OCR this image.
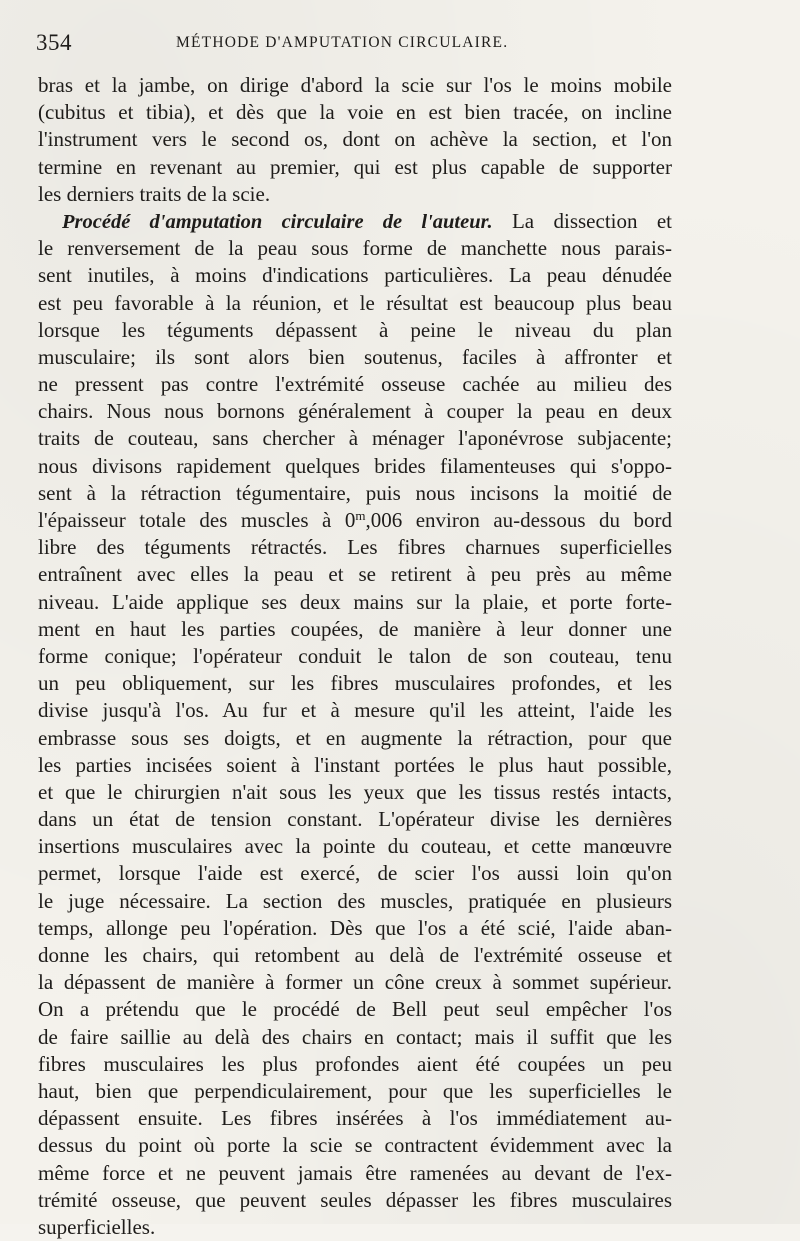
354	MÉTHODE D'AMPUTATION CIRCULAIRE.
bras et la jambe, on dirige d'abord la scie sur l'os le moins mobile
(cubitus et tibia), et dès que la voie en est bien tracée, on incline
l'instrument vers le second os, dont on achève la section, et l'on
termine en revenant au premier, qui est plus capable de supporter
les derniers traits de la scie.
Procédé d'amputation circulaire de l'auteur. La dissection et
le renversement de la peau sous forme de manchette nous parais-
sent inutiles, à moins d'indications particulières. La peau dénudée
est peu favorable à la réunion, et le résultat est beaucoup plus beau
lorsque les téguments dépassent à peine le niveau du plan
musculaire; ils sont alors bien soutenus, faciles à affronter et
ne pressent pas contre l'extrémité osseuse cachée au milieu des
chairs. Nous nous bornons généralement à couper la peau en deux
traits de couteau, sans chercher à ménager l'aponévrose subjacente;
nous divisons rapidement quelques brides filamenteuses qui s'oppo-
sent à la rétraction tégumentaire, puis nous incisons la moitié de
l'épaisseur totale des muscles à 0$^m$,006 environ au-dessous du bord
libre des téguments rétractés. Les fibres charnues superficielles
entraînent avec elles la peau et se retirent à peu près au même
niveau. L'aide applique ses deux mains sur la plaie, et porte forte-
ment en haut les parties coupées, de manière à leur donner une
forme conique; l'opérateur conduit le talon de son couteau, tenu
un peu obliquement, sur les fibres musculaires profondes, et les
divise jusqu'à l'os. Au fur et à mesure qu'il les atteint, l'aide les
embrasse sous ses doigts, et en augmente la rétraction, pour que
les parties incisées soient à l'instant portées le plus haut possible,
et que le chirurgien n'ait sous les yeux que les tissus restés intacts,
dans un état de tension constant. L'opérateur divise les dernières
insertions musculaires avec la pointe du couteau, et cette manœuvre
permet, lorsque l'aide est exercé, de scier l'os aussi loin qu'on
le juge nécessaire. La section des muscles, pratiquée en plusieurs
temps, allonge peu l'opération. Dès que l'os a été scié, l'aide aban-
donne les chairs, qui retombent au delà de l'extrémité osseuse et
la dépassent de manière à former un cône creux à sommet supérieur.
On a prétendu que le procédé de Bell peut seul empêcher l'os
de faire saillie au delà des chairs en contact; mais il suffit que les
fibres musculaires les plus profondes aient été coupées un peu
haut, bien que perpendiculairement, pour que les superficielles le
dépassent ensuite. Les fibres insérées à l'os immédiatement au-
dessus du point où porte la scie se contractent évidemment avec la
même force et ne peuvent jamais être ramenées au devant de l'ex-
trémité osseuse, que peuvent seules dépasser les fibres musculaires
superficielles.
